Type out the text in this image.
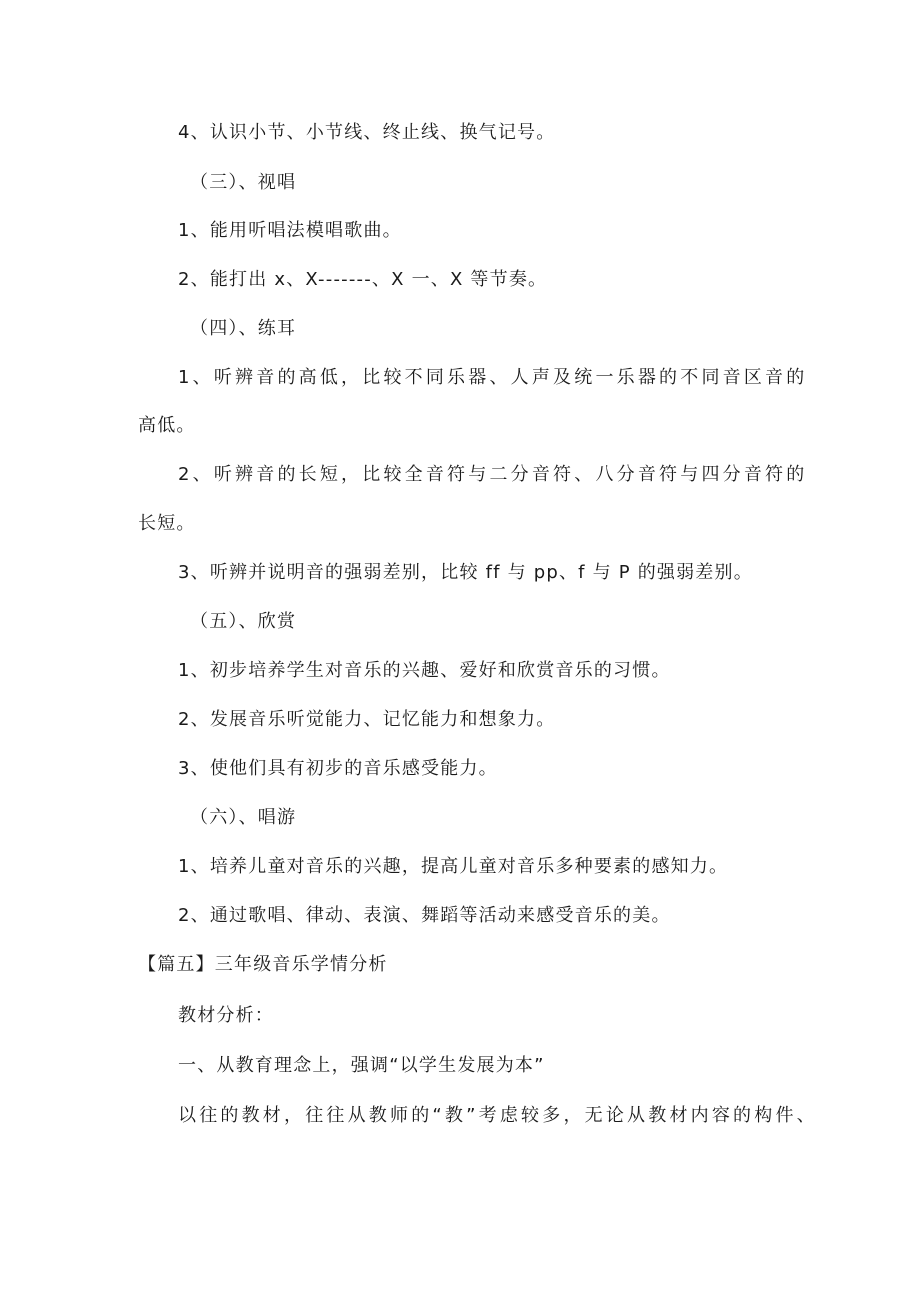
4、认识小节、小节线、终止线、换气记号。
（三）、视唱
1、能用听唱法模唱歌曲。
2、能打出 x、X-------、X 一、X 等节奏。
（四）、练耳
1、听辨音的高低，比较不同乐器、人声及统一乐器的不同音区音的
高低。
2、听辨音的长短，比较全音符与二分音符、八分音符与四分音符的
长短。
3、听辨并说明音的强弱差别，比较 ff 与 pp、f 与 P 的强弱差别。
（五）、欣赏
1、初步培养学生对音乐的兴趣、爱好和欣赏音乐的习惯。
2、发展音乐听觉能力、记忆能力和想象力。
3、使他们具有初步的音乐感受能力。
（六）、唱游
1、培养儿童对音乐的兴趣，提高儿童对音乐多种要素的感知力。
2、通过歌唱、律动、表演、舞蹈等活动来感受音乐的美。
【篇五】三年级音乐学情分析
教材分析：
一、从教育理念上，强调“以学生发展为本”
以往的教材，往往从教师的“教”考虑较多，无论从教材内容的构件、
